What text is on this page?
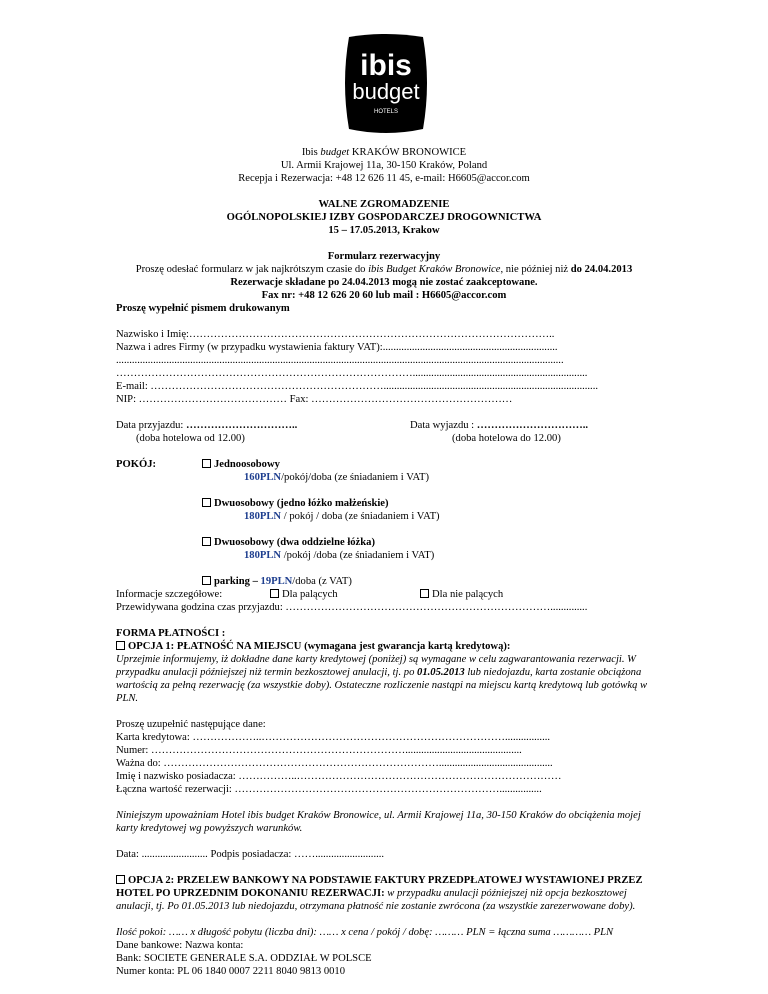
ibis
budget
HOTELS
Ibis budget KRAKÓW BRONOWICE
Ul. Armii Krajowej 11a, 30-150 Kraków, Poland
Recepja i Rezerwacja: +48 12 626 11 45, e-mail: H6605@accor.com
WALNE ZGROMADZENIE
OGÓLNOPOLSKIEJ IZBY GOSPODARCZEJ DROGOWNICTWA
15 – 17.05.2013, Krakow
Formularz rezerwacyjny
Proszę odesłać formularz w jak najkrótszym czasie do ibis Budget Kraków Bronowice, nie później niż do 24.04.2013
Rezerwacje składane po 24.04.2013 mogą nie zostać zaakceptowane.
Fax nr: +48 12 626 20 60 lub mail : H6605@accor.com
Proszę wypełnić pismem drukowanym
Nazwisko i Imię:…………………………………………………………………………………………..
Nazwa i adres Firmy (w przypadku wystawienia faktury VAT):..................................................................
.........................................................................................................................................................................
…………………………………………………………………………..................................................................
E-mail: ………………………………………………………….................................................................................
NIP: …………………………………… Fax: …………………………………………………
Data przyjazdu: …………………………..
(doba hotelowa od 12.00)
Data wyjazdu : …………………………..
(doba hotelowa do 12.00)
POKÓJ:	Jednoosobowy
160PLN/pokój/doba (ze śniadaniem i VAT)
Dwuosobowy (jedno łóżko małżeńskie)
180PLN / pokój / doba (ze śniadaniem i VAT)
Dwuosobowy (dwa oddzielne łóżka)
180PLN /pokój /doba (ze śniadaniem i VAT)
parking – 19PLN/doba (z VAT)
Informacje szczegółowe:	Dla palących	Dla nie palących
Przewidywana godzina czas przyjazdu: …………………………………………………………………..............
FORMA PŁATNOŚCI :
OPCJA 1: PŁATNOŚĆ NA MIEJSCU (wymagana jest gwarancja kartą kredytową):
Uprzejmie informujemy, iż dokładne dane karty kredytowej (poniżej) są wymagane w celu zagwarantowania rezerwacji. W przypadku anulacji późniejszej niż termin bezkosztowej anulacji, tj. po 01.05.2013 lub niedojazdu, karta zostanie obciążona wartością za pełną rezerwację (za wszystkie doby). Ostateczne rozliczenie nastąpi na miejscu kartą kredytową lub gotówką w PLN.
Proszę uzupełnić następujące dane:
Karta kredytowa: ………………..…………………………………………………………….................
Numer: ………………………………………………………………............................................
Ważna do: ……………………………………………………………………...........................................
Imię i nazwisko posiadacza: ……………..…………………………………………………………………
Łączna wartość rezerwacji: …………………………………………………………………................
Niniejszym upoważniam Hotel ibis budget Kraków Bronowice, ul. Armii Krajowej 11a, 30-150 Kraków do obciążenia mojej karty kredytowej wg powyższych warunków.
Data: ......................... Podpis posiadacza: ……..........................
OPCJA 2: PRZELEW BANKOWY NA PODSTAWIE FAKTURY PRZEDPŁATOWEJ WYSTAWIONEJ PRZEZ HOTEL PO UPRZEDNIM DOKONANIU REZERWACJI: w przypadku anulacji późniejszej niż opcja bezkosztowej anulacji, tj. Po 01.05.2013 lub niedojazdu, otrzymana płatność nie zostanie zwrócona (za wszystkie zarezerwowane doby).
Ilość pokoi: …… x długość pobytu (liczba dni): …… x cena / pokój / dobę: ……… PLN = łączna suma ………… PLN
Dane bankowe: Nazwa konta:
Bank: SOCIETE GENERALE S.A. ODDZIAŁ W POLSCE
Numer konta: PL 06 1840 0007 2211 8040 9813 0010
